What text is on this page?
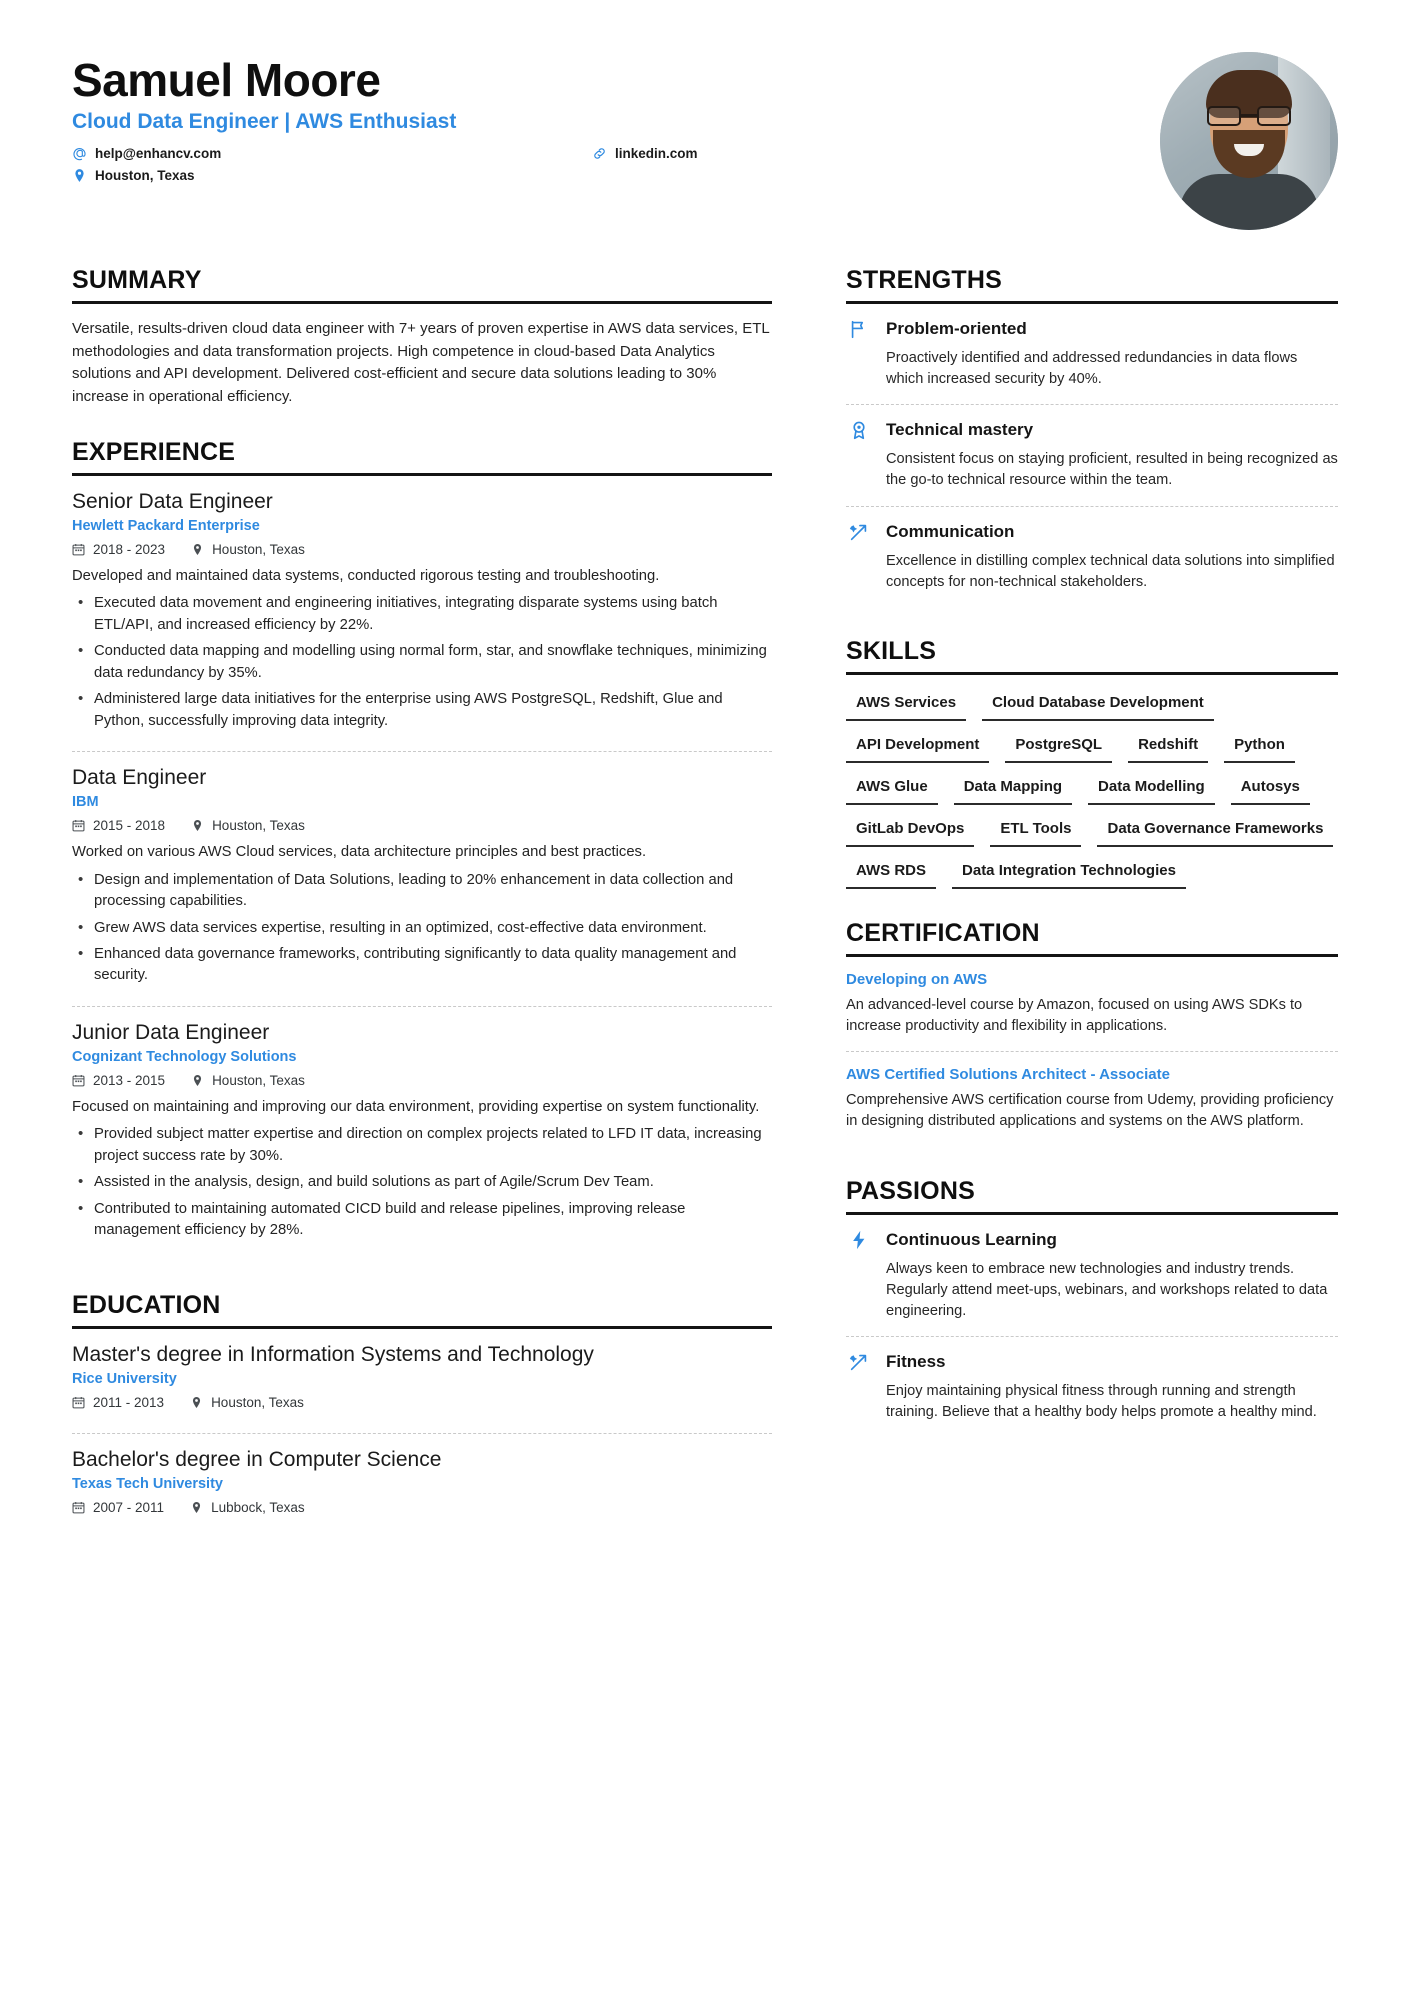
Samuel Moore
Cloud Data Engineer | AWS Enthusiast
help@enhancv.com	linkedin.com
Houston, Texas
SUMMARY

Versatile, results-driven cloud data engineer with 7+ years of proven expertise in AWS data services, ETL methodologies and data transformation projects. High competence in cloud-based Data Analytics solutions and API development. Delivered cost-efficient and secure data solutions leading to 30% increase in operational efficiency.

EXPERIENCE
Senior Data Engineer
Hewlett Packard Enterprise
2018 - 2023	Houston, Texas

Developed and maintained data systems, conducted rigorous testing and troubleshooting.

• Executed data movement and engineering initiatives, integrating disparate systems using batch ETL/API, and increased efficiency by 22%.
• Conducted data mapping and modelling using normal form, star, and snowflake techniques, minimizing data redundancy by 35%.
• Administered large data initiatives for the enterprise using AWS PostgreSQL, Redshift, Glue and Python, successfully improving data integrity.
Data Engineer
IBM
2015 - 2018	Houston, Texas

Worked on various AWS Cloud services, data architecture principles and best practices.

• Design and implementation of Data Solutions, leading to 20% enhancement in data collection and processing capabilities.
• Grew AWS data services expertise, resulting in an optimized, cost-effective data environment.
• Enhanced data governance frameworks, contributing significantly to data quality management and security.
Junior Data Engineer
Cognizant Technology Solutions
2013 - 2015	Houston, Texas

Focused on maintaining and improving our data environment, providing expertise on system functionality.

• Provided subject matter expertise and direction on complex projects related to LFD IT data, increasing project success rate by 30%.
• Assisted in the analysis, design, and build solutions as part of Agile/Scrum Dev Team.
• Contributed to maintaining automated CICD build and release pipelines, improving release management efficiency by 28%.
EDUCATION
Master's degree in Information Systems and Technology
Rice University
2011 - 2013	Houston, Texas
Bachelor's degree in Computer Science
Texas Tech University
2007 - 2011	Lubbock, Texas
STRENGTHS
Problem-oriented

Proactively identified and addressed redundancies in data flows which increased security by 40%.

Technical mastery

Consistent focus on staying proficient, resulted in being recognized as the go-to technical resource within the team.

Communication

Excellence in distilling complex technical data solutions into simplified concepts for non-technical stakeholders.

SKILLS
AWS Services	Cloud Database Development
API Development	PostgreSQL	Redshift	Python
AWS Glue	Data Mapping	Data Modelling	Autosys
GitLab DevOps	ETL Tools	Data Governance Frameworks
AWS RDS	Data Integration Technologies
CERTIFICATION
Developing on AWS

An advanced-level course by Amazon, focused on using AWS SDKs to increase productivity and flexibility in applications.

AWS Certified Solutions Architect - Associate

Comprehensive AWS certification course from Udemy, providing proficiency in designing distributed applications and systems on the AWS platform.

PASSIONS
Continuous Learning

Always keen to embrace new technologies and industry trends. Regularly attend meet-ups, webinars, and workshops related to data engineering.

Fitness

Enjoy maintaining physical fitness through running and strength training. Believe that a healthy body helps promote a healthy mind.
